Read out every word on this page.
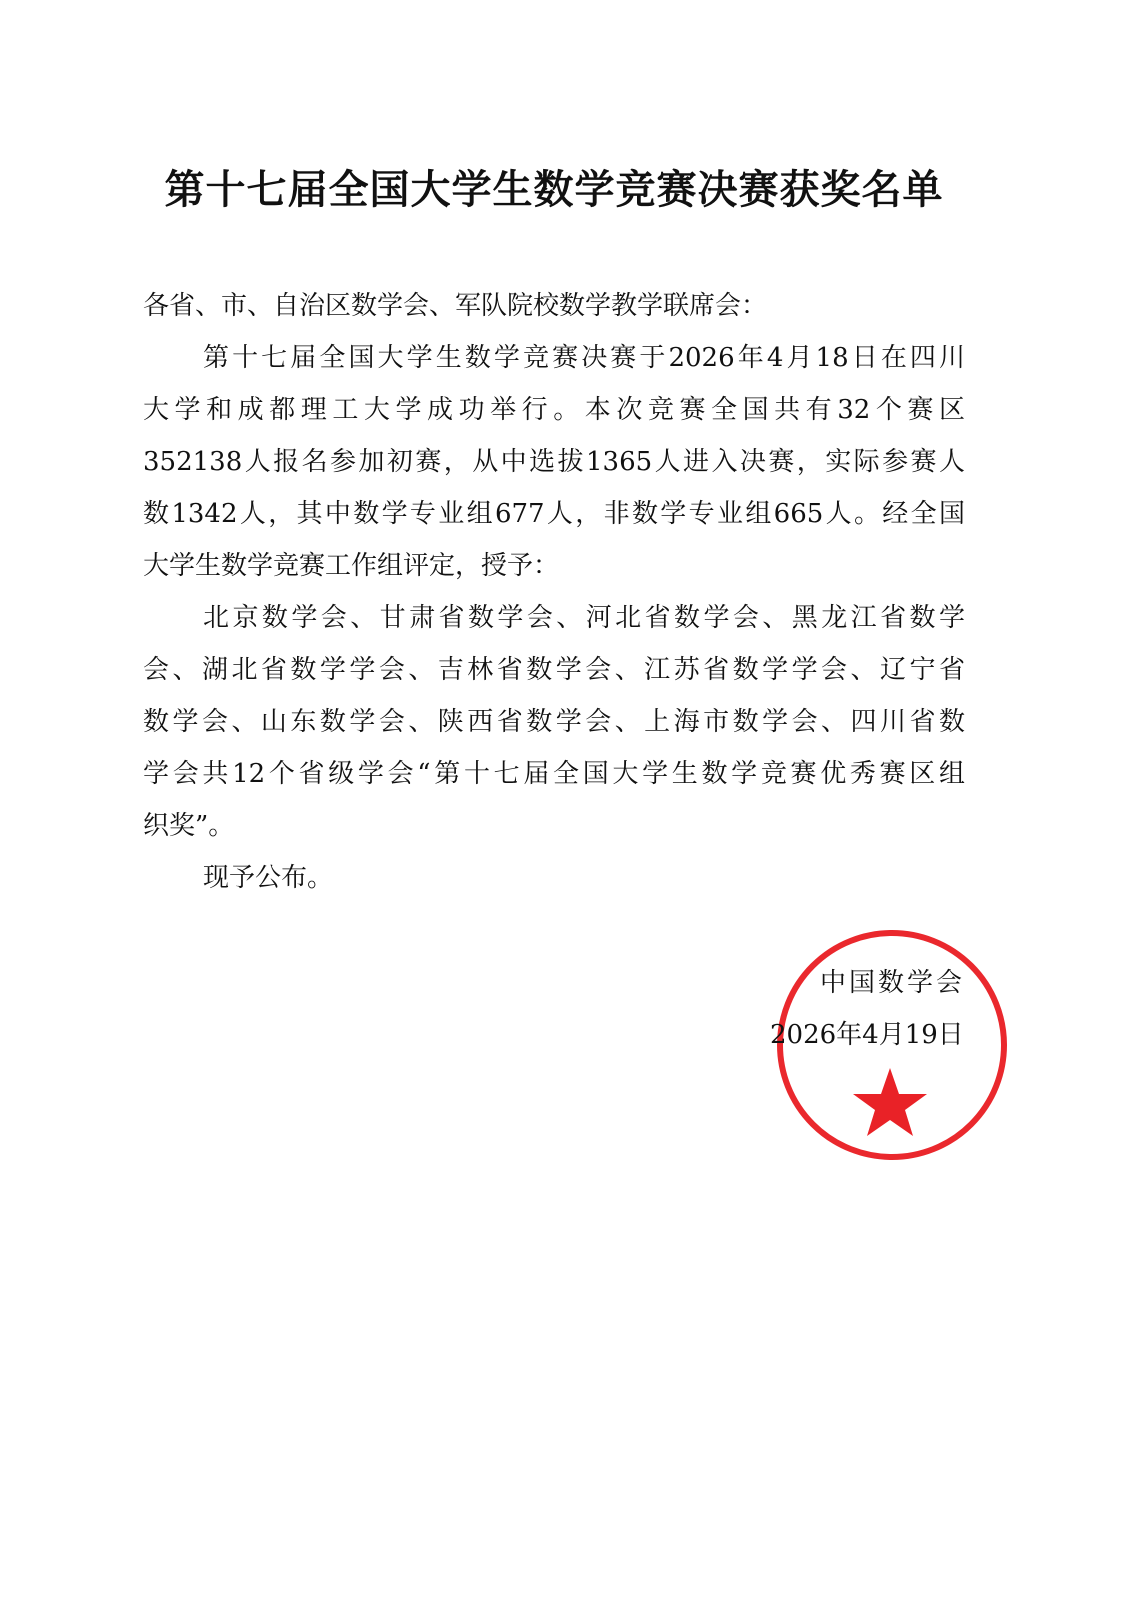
第十七届全国大学生数学竞赛决赛获奖名单
各省、市、自治区数学会、军队院校数学教学联席会：
第十七届全国大学生数学竞赛决赛于2026年4月18日在四川
大学和成都理工大学成功举行。本次竞赛全国共有32个赛区
352138人报名参加初赛，从中选拔1365人进入决赛，实际参赛人
数1342人，其中数学专业组677人，非数学专业组665人。经全国
大学生数学竞赛工作组评定，授予：
北京数学会、甘肃省数学会、河北省数学会、黑龙江省数学
会、湖北省数学学会、吉林省数学会、江苏省数学学会、辽宁省
数学会、山东数学会、陕西省数学会、上海市数学会、四川省数
学会共12个省级学会“第十七届全国大学生数学竞赛优秀赛区组
织奖”。
现予公布。
中国数学会
2026年4月19日
